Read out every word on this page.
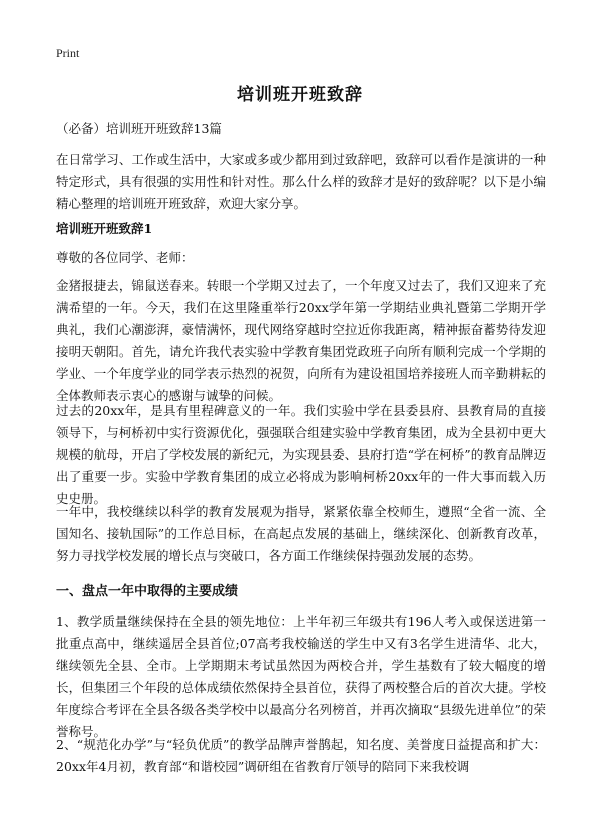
Print
培训班开班致辞

（必备）培训班开班致辞13篇

在日常学习、工作或生活中，大家或多或少都用到过致辞吧，致辞可以看作是演讲的一种特定形式，具有很强的实用性和针对性。那么什么样的致辞才是好的致辞呢？以下是小编精心整理的培训班开班致辞，欢迎大家分享。

培训班开班致辞1

尊敬的各位同学、老师：

金猪报捷去，锦鼠送春来。转眼一个学期又过去了，一个年度又过去了，我们又迎来了充满希望的一年。今天，我们在这里隆重举行20xx学年第一学期结业典礼暨第二学期开学典礼，我们心潮澎湃，豪情满怀，现代网络穿越时空拉近你我距离，精神振奋蓄势待发迎接明天朝阳。首先，请允许我代表实验中学教育集团党政班子向所有顺利完成一个学期的学业、一个年度学业的同学表示热烈的祝贺，向所有为建设祖国培养接班人而辛勤耕耘的全体教师表示衷心的感谢与诚挚的问候。

过去的20xx年，是具有里程碑意义的一年。我们实验中学在县委县府、县教育局的直接领导下，与柯桥初中实行资源优化，强强联合组建实验中学教育集团，成为全县初中更大规模的航母，开启了学校发展的新纪元，为实现县委、县府打造“学在柯桥”的教育品牌迈出了重要一步。实验中学教育集团的成立必将成为影响柯桥20xx年的一件大事而载入历史史册。

一年中，我校继续以科学的教育发展观为指导，紧紧依靠全校师生，遵照“全省一流、全国知名、接轨国际”的工作总目标，在高起点发展的基础上，继续深化、创新教育改革，努力寻找学校发展的增长点与突破口，各方面工作继续保持强劲发展的态势。

一、盘点一年中取得的主要成绩

1、教学质量继续保持在全县的领先地位：上半年初三年级共有196人考入或保送进第一批重点高中，继续遥居全县首位;07高考我校输送的学生中又有3名学生进清华、北大，继续领先全县、全市。上学期期末考试虽然因为两校合并，学生基数有了较大幅度的增长，但集团三个年段的总体成绩依然保持全县首位，获得了两校整合后的首次大捷。学校年度综合考评在全县各级各类学校中以最高分名列榜首，并再次摘取“县级先进单位”的荣誉称号。

2、“规范化办学”与“轻负优质”的教学品牌声誉鹊起，知名度、美誉度日益提高和扩大：20xx年4月初，教育部“和谐校园”调研组在省教育厅领导的陪同下来我校调
